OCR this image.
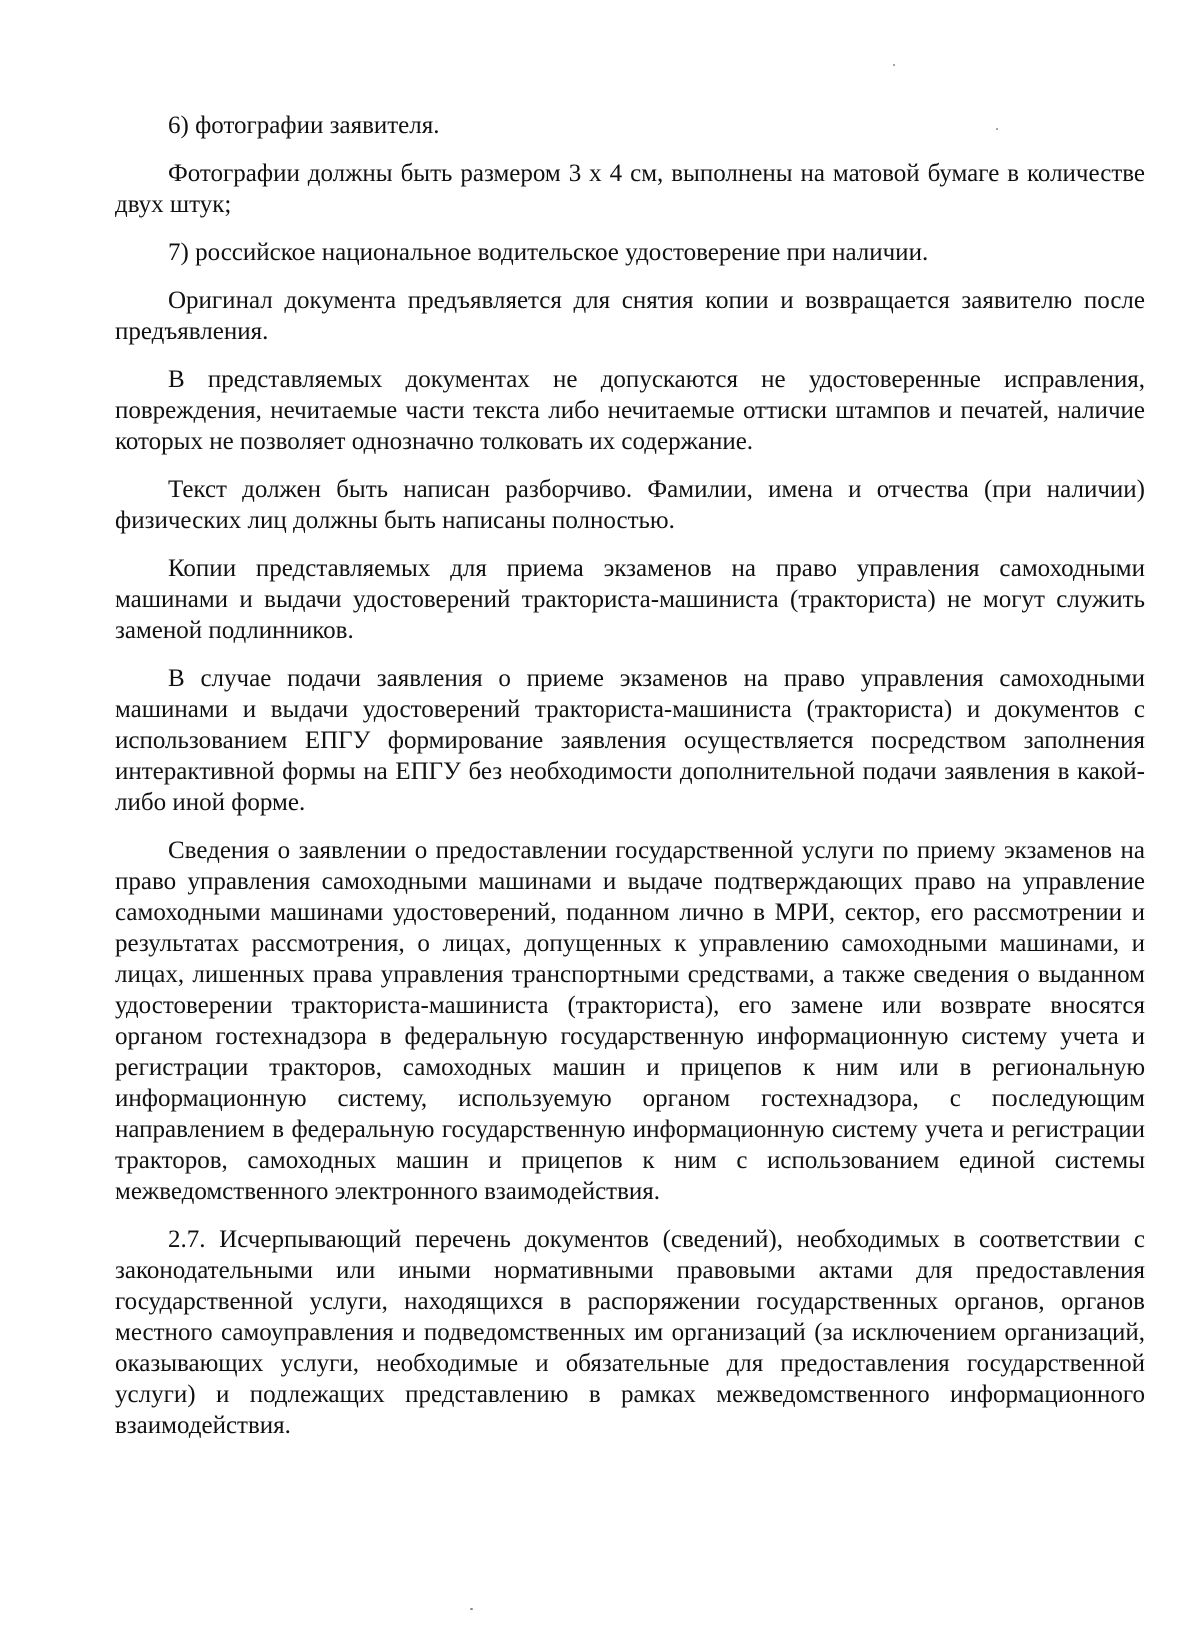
6) фотографии заявителя.

Фотографии должны быть размером 3 х 4 см, выполнены на матовой бумаге в количестве двух штук;

7) российское национальное водительское удостоверение при наличии.

Оригинал документа предъявляется для снятия копии и возвращается заявителю после предъявления.

В представляемых документах не допускаются не удостоверенные исправления, повреждения, нечитаемые части текста либо нечитаемые оттиски штампов и печатей, наличие которых не позволяет однозначно толковать их содержание.

Текст должен быть написан разборчиво. Фамилии, имена и отчества (при наличии) физических лиц должны быть написаны полностью.

Копии представляемых для приема экзаменов на право управления самоходными машинами и выдачи удостоверений тракториста-машиниста (тракториста) не могут служить заменой подлинников.

В случае подачи заявления о приеме экзаменов на право управления самоходными машинами и выдачи удостоверений тракториста-машиниста (тракториста) и документов с использованием ЕПГУ формирование заявления осуществляется посредством заполнения интерактивной формы на ЕПГУ без необходимости дополнительной подачи заявления в какой-либо иной форме.

Сведения о заявлении о предоставлении государственной услуги по приему экзаменов на право управления самоходными машинами и выдаче подтверждающих право на управление самоходными машинами удостоверений, поданном лично в МРИ, сектор, его рассмотрении и результатах рассмотрения, о лицах, допущенных к управлению самоходными машинами, и лицах, лишенных права управления транспортными средствами, а также сведения о выданном удостоверении тракториста-машиниста (тракториста), его замене или возврате вносятся органом гостехнадзора в федеральную государственную информационную систему учета и регистрации тракторов, самоходных машин и прицепов к ним или в региональную информационную систему, используемую органом гостехнадзора, с последующим направлением в федеральную государственную информационную систему учета и регистрации тракторов, самоходных машин и прицепов к ним с использованием единой системы межведомственного электронного взаимодействия.

2.7. Исчерпывающий перечень документов (сведений), необходимых в соответствии с законодательными или иными нормативными правовыми актами для предоставления государственной услуги, находящихся в распоряжении государственных органов, органов местного самоуправления и подведомственных им организаций (за исключением организаций, оказывающих услуги, необходимые и обязательные для предоставления государственной услуги) и подлежащих представлению в рамках межведомственного информационного взаимодействия.
